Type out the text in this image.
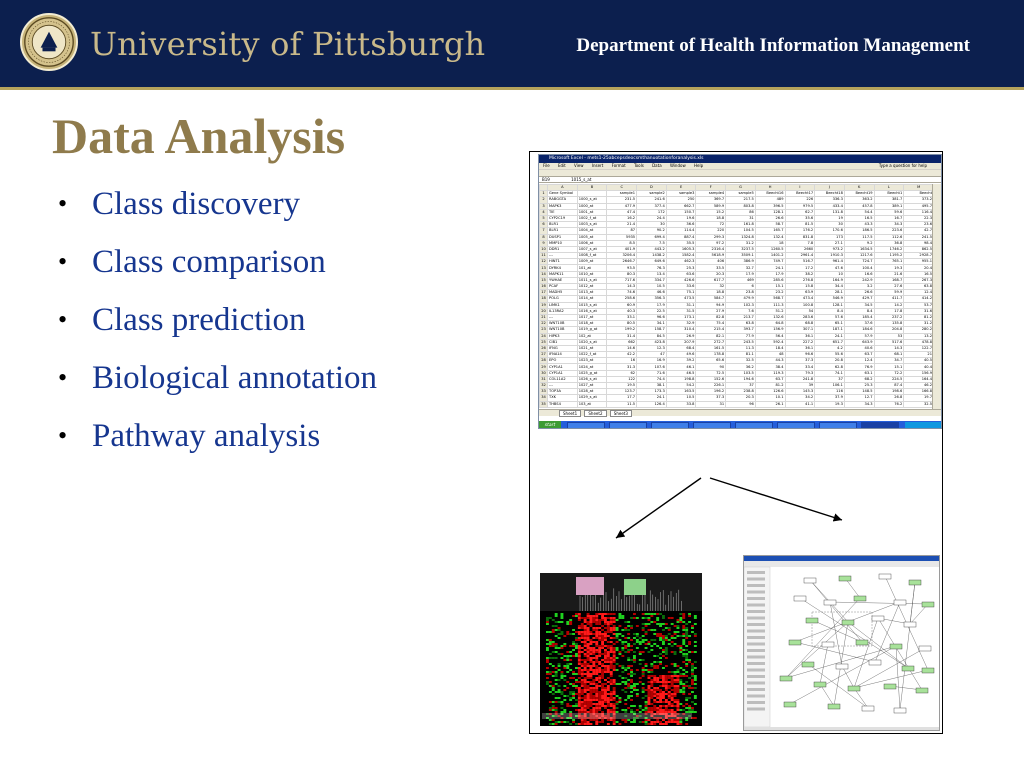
University of Pittsburgh	Department of Health Information Management
Data Analysis
• Class discovery
• Class comparison
• Class prediction
• Biological annotation
• Pathway analysis
Microsoft Excel - mets1-25abcepsdeocsmthanuotationforanalysis.xls
File Edit View Insert Format Tools Data Window Help	Type a question for help
B19	1015_s_at
	A	B	C	D	E	F	G	H	I	J	K	L	M
1	Gene Symbol		sample1	sample2	sample3	sample4	sample5	Beecht16	Beecht17	Beecht18	Beecht19	Beecht1	Beecht
2	RABGGTA	1000_s_at	231.5	241.6	250	369.7	217.5	489	226	336.3	363.2	381.7	373.2
3	MAPK3	1000_at	477.9	377.4	662.7	589.9	803.8	396.5	979.5	433.4	457.8	389.1	495.7
4	TIE	1001_at	47.4	172	150.7	15.2	86	128.1	62.7	131.8	54.4	59.6	116.4
5	CYP2C19	1002_f_at	16.2	24.4	19.6	18.8	31	26.6	35.6	19	16.5	16.7	22.3
6	BLR1	1003_s_at	21.4	30	36.6	72	161.8	58.7	81.5	30	43.3	34.3	23.6
7	BLR1	1004_at	87	90.2	114.4	220	104.5	165.7	176.2	170.6	186.5	223.6	42.7
8	DUSP1	1005_at	5935	699.4	887.4	299.3	1324.8	132.4	831.8	173	117.5	112.6	241.5
9	MMP10	1006_at	8.5	7.5	35.5	97.2	31.2	18	7.8	27.1	9.2	36.8	98.4
10	DDR1	1007_s_at	401.9	443.2	1605.3	2316.4	3237.5	1260.5	2660	973.2	1634.5	1746.2	862.5
11	---	1008_f_at	3206.4	1438.2	1582.4	5618.9	3509.1	1401.2	2961.4	1910.3	1217.6	1195.2	2928.7
12	HINT1	1009_at	2646.7	649.6	462.3	406	386.9	749.7	516.7	961.4	724.7	765.1	955.1
13	DYRK4	101_at	93.5	76.3	25.3	33.5	32.7	24.1	17.2	47.6	100.4	19.3	20.4
14	MAPK11	1010_at	80.3	13.4	63.6	20.3	17.9	17.9	38.2	10	16.6	21.6	16.5
15	YWHAE	1011_s_at	717.6	334.7	426.6	617.7	469	285.6	276.8	164.9	242.9	168.7	267.3
16	PCAF	1012_at	14.3	10.5	33.6	32	6	15.1	15.8	34.4	3.2	27.6	63.8
17	MADH5	1013_at	74.6	46.6	75.1	18.8	23.8	23.2	63.9	28.1	26.6	59.9	12.4
18	POLG	1014_at	258.6	356.3	473.5	584.7	479.9	568.7	473.4	546.9	429.7	411.7	414.2
19	LIMK1	1015_s_at	60.9	17.9	31.1	94.9	102.3	111.3	100.8	128.1	34.5	14.2	53.7
20	IL13RA2	1016_s_at	40.3	22.5	31.5	27.9	7.6	51.2	54	8.4	8.4	17.8	31.6
21	---	1017_at	33.1	96.6	173.1	82.8	213.7	132.6	283.6	57.6	185.4	237.2	81.2
22	WNT10B	1018_at	80.5	34.1	32.9	75.4	63.8	64.8	68.8	65.1	37.6	135.8	31.2
23	WNT10B	1019_g_at	199.2	158.7	310.4	215.4	393.7	156.9	307.1	187.1	184.6	204.8	280.2
24	HIPK3	102_at	31.4	84.5	26.9	82.1	77.9	56.4	36.1	24.1	57.9	53	13.2
25	CIB1	1020_s_at	662	423.8	207.9	272.7	243.5	592.4	227.2	651.7	643.9	517.6	478.8
26	IFNG	1021_at	14.6	12.3	68.4	161.5	11.3	18.4	36.1	4.2	40.6	14.3	122.7
27	IFNA14	1022_f_at	42.2	47	49.6	178.8	81.1	48	96.6	55.6	63.7	68.1	21
28	EPO	1023_at	16	16.9	39.2	65.6	32.5	44.3	37.3	20.8	12.4	34.7	40.5
29	CYP1A1	1024_at	31.3	107.6	46.1	90	36.2	38.4	33.4	62.8	76.9	15.1	40.4
30	CYP1A1	1025_g_at	62	71.6	46.5	72.5	103.5	119.3	79.3	74.1	63.1	72.2	156.9
31	COL11A2	1026_s_at	122	74.4	198.8	152.6	194.6	63.7	241.8	37	68.2	224.5	164.4
32	---	1027_at	19.5	38.1	54.2	226.1	37	81.2	39	106.1	25.3	87.4	46.2
33	TOP3A	1028_at	123.7	173.3	163.5	196.2	238.8	126.6	145.3	116	148.5	198.6	166.8
34	TXK	1029_s_at	17.7	24.1	10.5	37.3	20.3	10.1	34.2	37.9	12.7	26.8	19.7
35	THBS4	103_at	11.5	126.4	33.8	31	96	26.1	41.1	19.3	34.3	76.2	32.5
Sheet1	Sheet2	Sheet3
start
